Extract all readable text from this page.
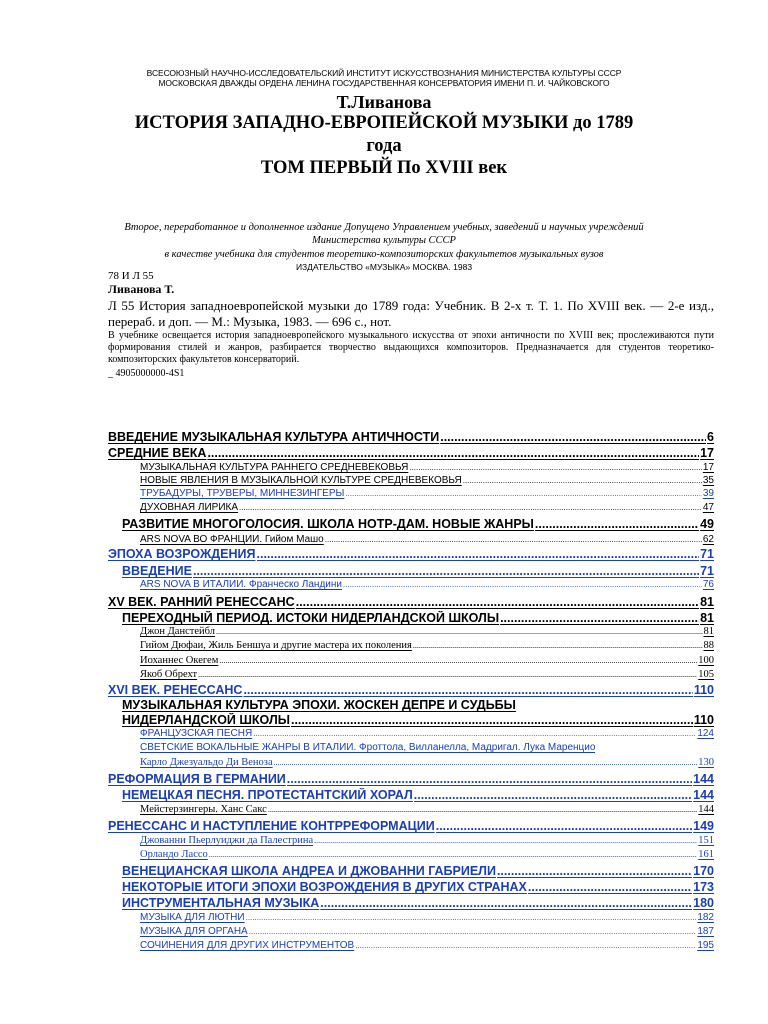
ВСЕСОЮЗНЫЙ НАУЧНО-ИССЛЕДОВАТЕЛЬСКИЙ ИНСТИТУТ ИСКУССТВОЗНАНИЯ МИНИСТЕРСТВА КУЛЬТУРЫ СССР
МОСКОВСКАЯ ДВАЖДЫ ОРДЕНА ЛЕНИНА ГОСУДАРСТВЕННАЯ КОНСЕРВАТОРИЯ ИМЕНИ П. И. ЧАЙКОВСКОГО
Т.Ливанова
ИСТОРИЯ ЗАПАДНО-ЕВРОПЕЙСКОЙ МУЗЫКИ до 1789
года
ТОМ ПЕРВЫЙ По XVIII век
Второе, переработанное и дополненное издание Допущено Управлением учебных, заведений и научных учреждений
Министерства культуры СССР
в качестве учебника для студентов теоретико-композиторских факультетов музыкальных вузов
ИЗДАТЕЛЬСТВО «МУЗЫКА» МОСКВА. 1983
78 И Л 55
Ливанова Т.
Л 55 История западноевропейской музыки до 1789 года: Учебник. В 2-х т. Т. 1. По XVIII век. — 2-е изд., перераб. и доп. — М.: Музыка, 1983. — 696 с., нот.
В учебнике освещается история западноевропейского музыкального искусства от эпохи античности по XVIII век; прослеживаются пути формирования стилей и жанров, разбирается творчество выдающихся композиторов. Предназначается для студентов теоретико-композиторских факультетов консерваторий.
_ 4905000000-4S1
ВВЕДЕНИЕ МУЗЫКАЛЬНАЯ КУЛЬТУРА АНТИЧНОСТИ .....	6
СРЕДНИЕ ВЕКА .....	17
МУЗЫКАЛЬНАЯ КУЛЬТУРА РАННЕГО СРЕДНЕВЕКОВЬЯ .....	17
НОВЫЕ ЯВЛЕНИЯ В МУЗЫКАЛЬНОЙ КУЛЬТУРЕ СРЕДНЕВЕКОВЬЯ .....	35
ТРУБАДУРЫ, ТРУВЕРЫ, МИННЕЗИНГЕРЫ .....	39
ДУХОВНАЯ ЛИРИКА .....	47
РАЗВИТИЕ МНОГОГОЛОСИЯ. ШКОЛА НОТР-ДАМ. НОВЫЕ ЖАНРЫ .....	49
ARS NOVA ВО ФРАНЦИИ. Гийом Машо .....	62
ЭПОХА ВОЗРОЖДЕНИЯ .....	71
ВВЕДЕНИЕ .....	71
ARS NOVA В ИТАЛИИ. Франческо Ландини .....	76
XV ВЕК. РАННИЙ РЕНЕССАНС .....	81
ПЕРЕХОДНЫЙ ПЕРИОД. ИСТОКИ НИДЕРЛАНДСКОЙ ШКОЛЫ .....	81
Джон Данстейбл .....	81
Гийом Дюфаи, Жиль Беншуа и другие мастера их поколения .....	88
Иоханнес Окегем .....	100
Якоб Обрехт .....	105
XVI ВЕК. РЕНЕССАНС .....	110
МУЗЫКАЛЬНАЯ КУЛЬТУРА ЭПОХИ. ЖОСКЕН ДЕПРЕ И СУДЬБЫ
НИДЕРЛАНДСКОЙ ШКОЛЫ .....	110
ФРАНЦУЗСКАЯ ПЕСНЯ .....	124
СВЕТСКИЕ ВОКАЛЬНЫЕ ЖАНРЫ В ИТАЛИИ. Фроттола, Вилланелла, Мадригал. Лука Маренцио
Карло Джезуальдо Ди Веноза .....	130
РЕФОРМАЦИЯ В ГЕРМАНИИ .....	144
НЕМЕЦКАЯ ПЕСНЯ. ПРОТЕСТАНТСКИЙ ХОРАЛ .....	144
Мейстерзингеры. Ханс Сакс .....	144
РЕНЕССАНС И НАСТУПЛЕНИЕ КОНТРРЕФОРМАЦИИ .....	149
Джованни Пьерлуиджи да Палестрина .....	151
Орландо Лассо .....	161
ВЕНЕЦИАНСКАЯ ШКОЛА АНДРЕА И ДЖОВАННИ ГАБРИЕЛИ .....	170
НЕКОТОРЫЕ ИТОГИ ЭПОХИ ВОЗРОЖДЕНИЯ В ДРУГИХ СТРАНАХ .....	173
ИНСТРУМЕНТАЛЬНАЯ МУЗЫКА .....	180
МУЗЫКА ДЛЯ ЛЮТНИ .....	182
МУЗЫКА ДЛЯ ОРГАНА .....	187
СОЧИНЕНИЯ ДЛЯ ДРУГИХ ИНСТРУМЕНТОВ .....	195
